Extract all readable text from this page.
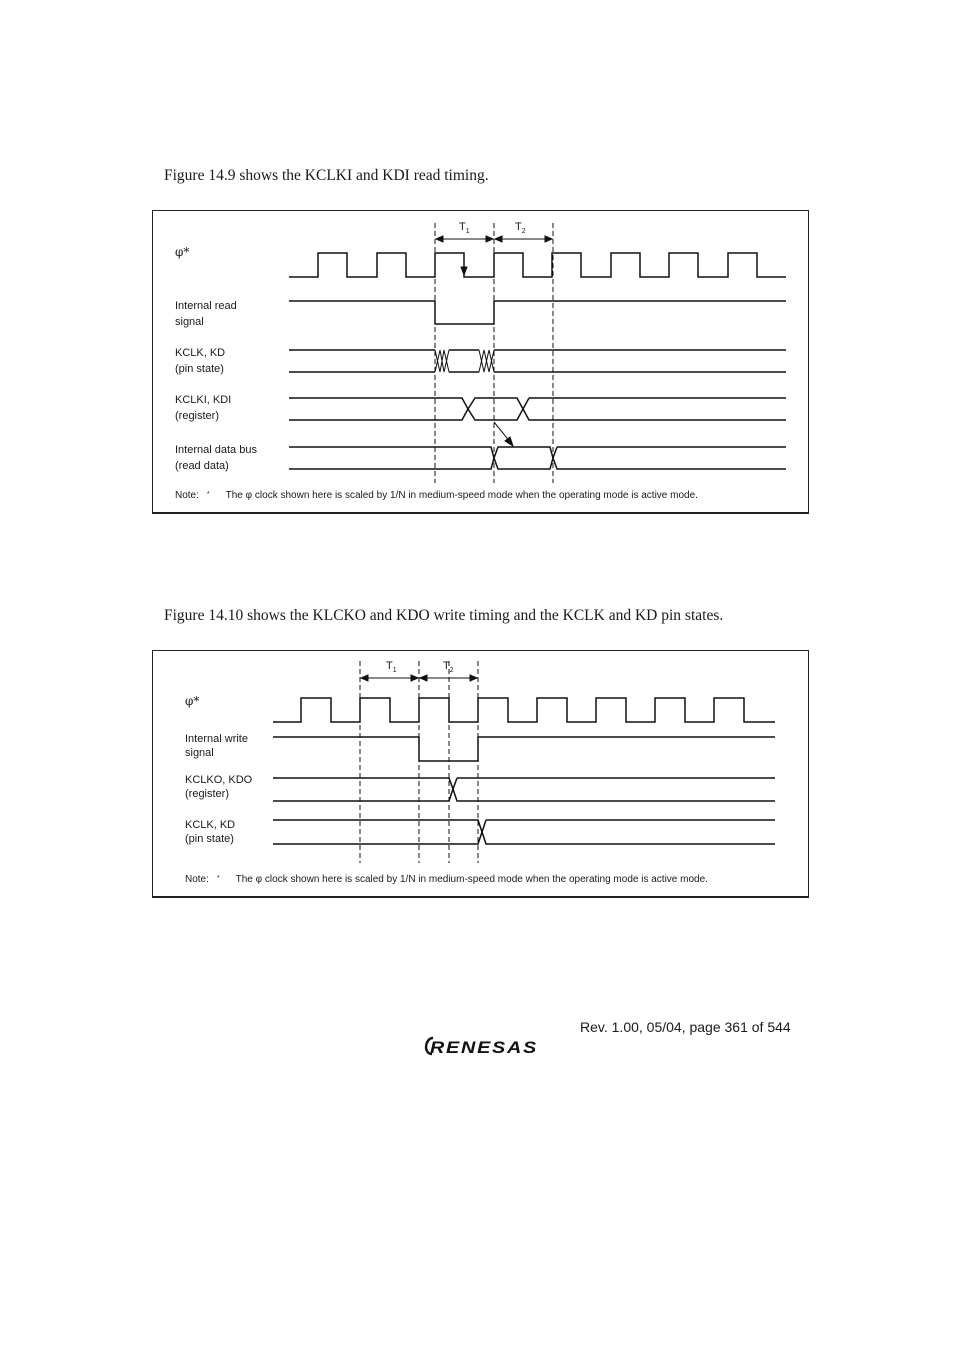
Figure 14.9 shows the KCLKI and KDI read timing.
$T_1$	$T_2$
φ*
Internal read
signal
KCLK, KD
(pin state)
KCLKI, KDI
(register)
Internal data bus
(read data)
Note: * The φ clock shown here is scaled by 1/N in medium-speed mode when the operating mode is active mode.
Figure 14.10 shows the KLCKO and KDO write timing and the KCLK and KD pin states.
$T_1$	$T_2$
φ*
Internal write
signal
KCLKO, KDO
(register)
KCLK, KD
(pin state)
Note: * The φ clock shown here is scaled by 1/N in medium-speed mode when the operating mode is active mode.
Rev. 1.00, 05/04, page 361 of 544
RENESAS
